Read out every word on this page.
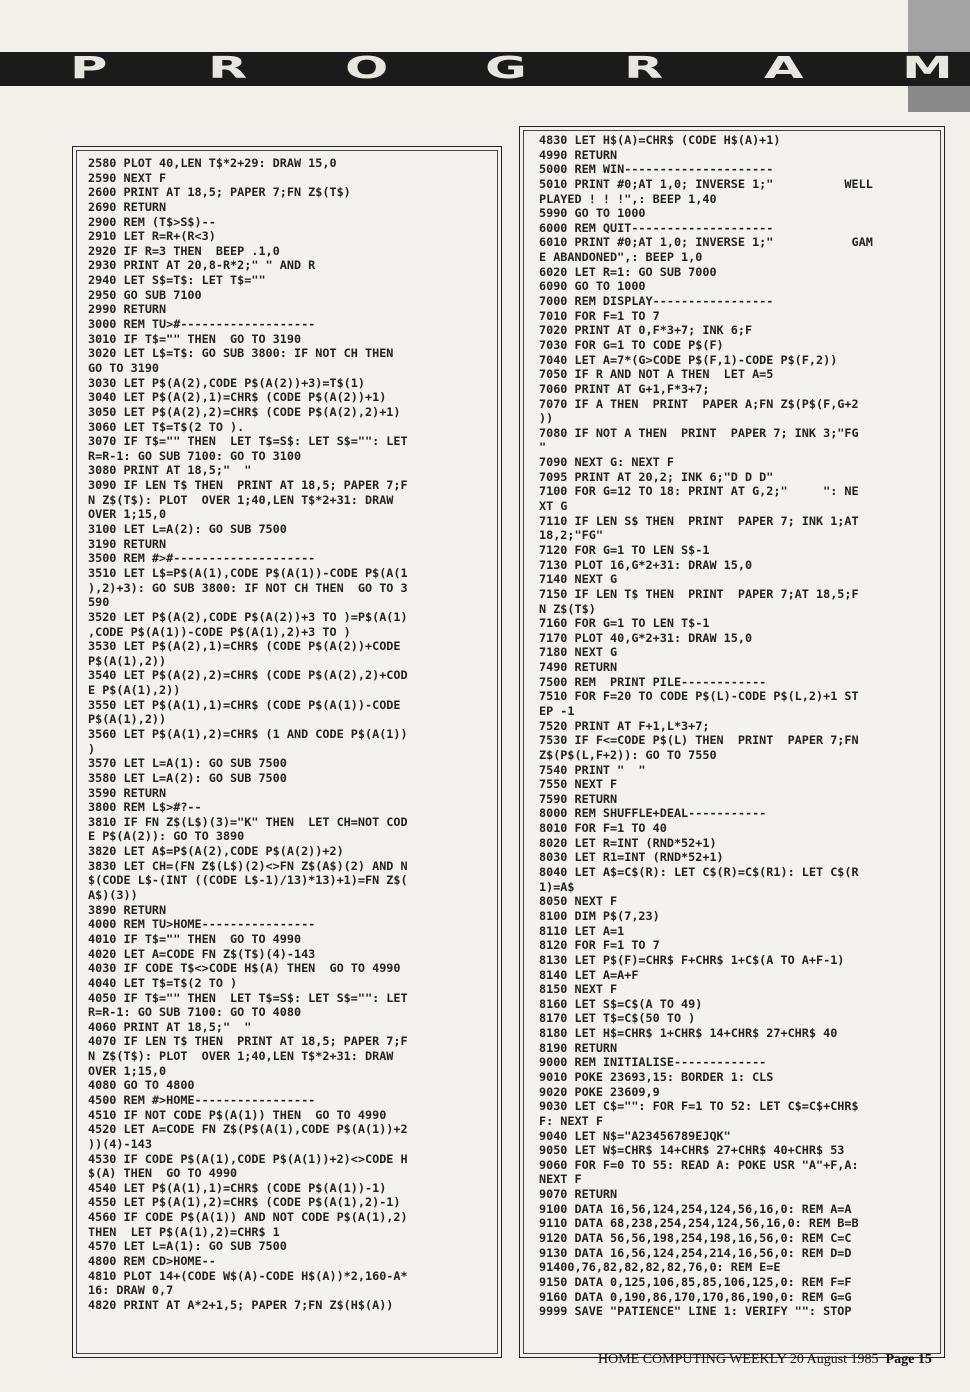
P	R	O	G	R	A	M
2580 PLOT 40,LEN T$*2+29: DRAW 15,0
2590 NEXT F
2600 PRINT AT 18,5; PAPER 7;FN Z$(T$)
2690 RETURN
2900 REM (T$>S$)--
2910 LET R=R+(R<3)
2920 IF R=3 THEN  BEEP .1,0
2930 PRINT AT 20,8-R*2;" " AND R
2940 LET S$=T$: LET T$=""
2950 GO SUB 7100
2990 RETURN
3000 REM TU>#-------------------
3010 IF T$="" THEN  GO TO 3190
3020 LET L$=T$: GO SUB 3800: IF NOT CH THEN
GO TO 3190
3030 LET P$(A(2),CODE P$(A(2))+3)=T$(1)
3040 LET P$(A(2),1)=CHR$ (CODE P$(A(2))+1)
3050 LET P$(A(2),2)=CHR$ (CODE P$(A(2),2)+1)
3060 LET T$=T$(2 TO ).
3070 IF T$="" THEN  LET T$=S$: LET S$="": LET
R=R-1: GO SUB 7100: GO TO 3100
3080 PRINT AT 18,5;"  "
3090 IF LEN T$ THEN  PRINT AT 18,5; PAPER 7;F
N Z$(T$): PLOT  OVER 1;40,LEN T$*2+31: DRAW
OVER 1;15,0
3100 LET L=A(2): GO SUB 7500
3190 RETURN
3500 REM #>#--------------------
3510 LET L$=P$(A(1),CODE P$(A(1))-CODE P$(A(1
),2)+3): GO SUB 3800: IF NOT CH THEN  GO TO 3
590
3520 LET P$(A(2),CODE P$(A(2))+3 TO )=P$(A(1)
,CODE P$(A(1))-CODE P$(A(1),2)+3 TO )
3530 LET P$(A(2),1)=CHR$ (CODE P$(A(2))+CODE
P$(A(1),2))
3540 LET P$(A(2),2)=CHR$ (CODE P$(A(2),2)+COD
E P$(A(1),2))
3550 LET P$(A(1),1)=CHR$ (CODE P$(A(1))-CODE
P$(A(1),2))
3560 LET P$(A(1),2)=CHR$ (1 AND CODE P$(A(1))
)
3570 LET L=A(1): GO SUB 7500
3580 LET L=A(2): GO SUB 7500
3590 RETURN
3800 REM L$>#?--
3810 IF FN Z$(L$)(3)="K" THEN  LET CH=NOT COD
E P$(A(2)): GO TO 3890
3820 LET A$=P$(A(2),CODE P$(A(2))+2)
3830 LET CH=(FN Z$(L$)(2)<>FN Z$(A$)(2) AND N
$(CODE L$-(INT ((CODE L$-1)/13)*13)+1)=FN Z$(
A$)(3))
3890 RETURN
4000 REM TU>HOME----------------
4010 IF T$="" THEN  GO TO 4990
4020 LET A=CODE FN Z$(T$)(4)-143
4030 IF CODE T$<>CODE H$(A) THEN  GO TO 4990
4040 LET T$=T$(2 TO )
4050 IF T$="" THEN  LET T$=S$: LET S$="": LET
R=R-1: GO SUB 7100: GO TO 4080
4060 PRINT AT 18,5;"  "
4070 IF LEN T$ THEN  PRINT AT 18,5; PAPER 7;F
N Z$(T$): PLOT  OVER 1;40,LEN T$*2+31: DRAW
OVER 1;15,0
4080 GO TO 4800
4500 REM #>HOME-----------------
4510 IF NOT CODE P$(A(1)) THEN  GO TO 4990
4520 LET A=CODE FN Z$(P$(A(1),CODE P$(A(1))+2
))(4)-143
4530 IF CODE P$(A(1),CODE P$(A(1))+2)<>CODE H
$(A) THEN  GO TO 4990
4540 LET P$(A(1),1)=CHR$ (CODE P$(A(1))-1)
4550 LET P$(A(1),2)=CHR$ (CODE P$(A(1),2)-1)
4560 IF CODE P$(A(1)) AND NOT CODE P$(A(1),2)
THEN  LET P$(A(1),2)=CHR$ 1
4570 LET L=A(1): GO SUB 7500
4800 REM CD>HOME--
4810 PLOT 14+(CODE W$(A)-CODE H$(A))*2,160-A*
16: DRAW 0,7
4820 PRINT AT A*2+1,5; PAPER 7;FN Z$(H$(A))
4830 LET H$(A)=CHR$ (CODE H$(A)+1)
4990 RETURN
5000 REM WIN---------------------
5010 PRINT #0;AT 1,0; INVERSE 1;"          WELL
PLAYED ! ! !",: BEEP 1,40
5990 GO TO 1000
6000 REM QUIT--------------------
6010 PRINT #0;AT 1,0; INVERSE 1;"           GAM
E ABANDONED",: BEEP 1,0
6020 LET R=1: GO SUB 7000
6090 GO TO 1000
7000 REM DISPLAY-----------------
7010 FOR F=1 TO 7
7020 PRINT AT 0,F*3+7; INK 6;F
7030 FOR G=1 TO CODE P$(F)
7040 LET A=7*(G>CODE P$(F,1)-CODE P$(F,2))
7050 IF R AND NOT A THEN  LET A=5
7060 PRINT AT G+1,F*3+7;
7070 IF A THEN  PRINT  PAPER A;FN Z$(P$(F,G+2
))
7080 IF NOT A THEN  PRINT  PAPER 7; INK 3;"FG
"
7090 NEXT G: NEXT F
7095 PRINT AT 20,2; INK 6;"D D D"
7100 FOR G=12 TO 18: PRINT AT G,2;"     ": NE
XT G
7110 IF LEN S$ THEN  PRINT  PAPER 7; INK 1;AT
18,2;"FG"
7120 FOR G=1 TO LEN S$-1
7130 PLOT 16,G*2+31: DRAW 15,0
7140 NEXT G
7150 IF LEN T$ THEN  PRINT  PAPER 7;AT 18,5;F
N Z$(T$)
7160 FOR G=1 TO LEN T$-1
7170 PLOT 40,G*2+31: DRAW 15,0
7180 NEXT G
7490 RETURN
7500 REM  PRINT PILE------------
7510 FOR F=20 TO CODE P$(L)-CODE P$(L,2)+1 ST
EP -1
7520 PRINT AT F+1,L*3+7;
7530 IF F<=CODE P$(L) THEN  PRINT  PAPER 7;FN
Z$(P$(L,F+2)): GO TO 7550
7540 PRINT "  "
7550 NEXT F
7590 RETURN
8000 REM SHUFFLE+DEAL-----------
8010 FOR F=1 TO 40
8020 LET R=INT (RND*52+1)
8030 LET R1=INT (RND*52+1)
8040 LET A$=C$(R): LET C$(R)=C$(R1): LET C$(R
1)=A$
8050 NEXT F
8100 DIM P$(7,23)
8110 LET A=1
8120 FOR F=1 TO 7
8130 LET P$(F)=CHR$ F+CHR$ 1+C$(A TO A+F-1)
8140 LET A=A+F
8150 NEXT F
8160 LET S$=C$(A TO 49)
8170 LET T$=C$(50 TO )
8180 LET H$=CHR$ 1+CHR$ 14+CHR$ 27+CHR$ 40
8190 RETURN
9000 REM INITIALISE-------------
9010 POKE 23693,15: BORDER 1: CLS
9020 POKE 23609,9
9030 LET C$="": FOR F=1 TO 52: LET C$=C$+CHR$
F: NEXT F
9040 LET N$="A23456789EJQK"
9050 LET W$=CHR$ 14+CHR$ 27+CHR$ 40+CHR$ 53
9060 FOR F=0 TO 55: READ A: POKE USR "A"+F,A:
NEXT F
9070 RETURN
9100 DATA 16,56,124,254,124,56,16,0: REM A=A
9110 DATA 68,238,254,254,124,56,16,0: REM B=B
9120 DATA 56,56,198,254,198,16,56,0: REM C=C
9130 DATA 16,56,124,254,214,16,56,0: REM D=D
91400,76,82,82,82,82,76,0: REM E=E
9150 DATA 0,125,106,85,85,106,125,0: REM F=F
9160 DATA 0,190,86,170,170,86,190,0: REM G=G
9999 SAVE "PATIENCE" LINE 1: VERIFY "": STOP
HOME COMPUTING WEEKLY 20 August 1985 Page 15
